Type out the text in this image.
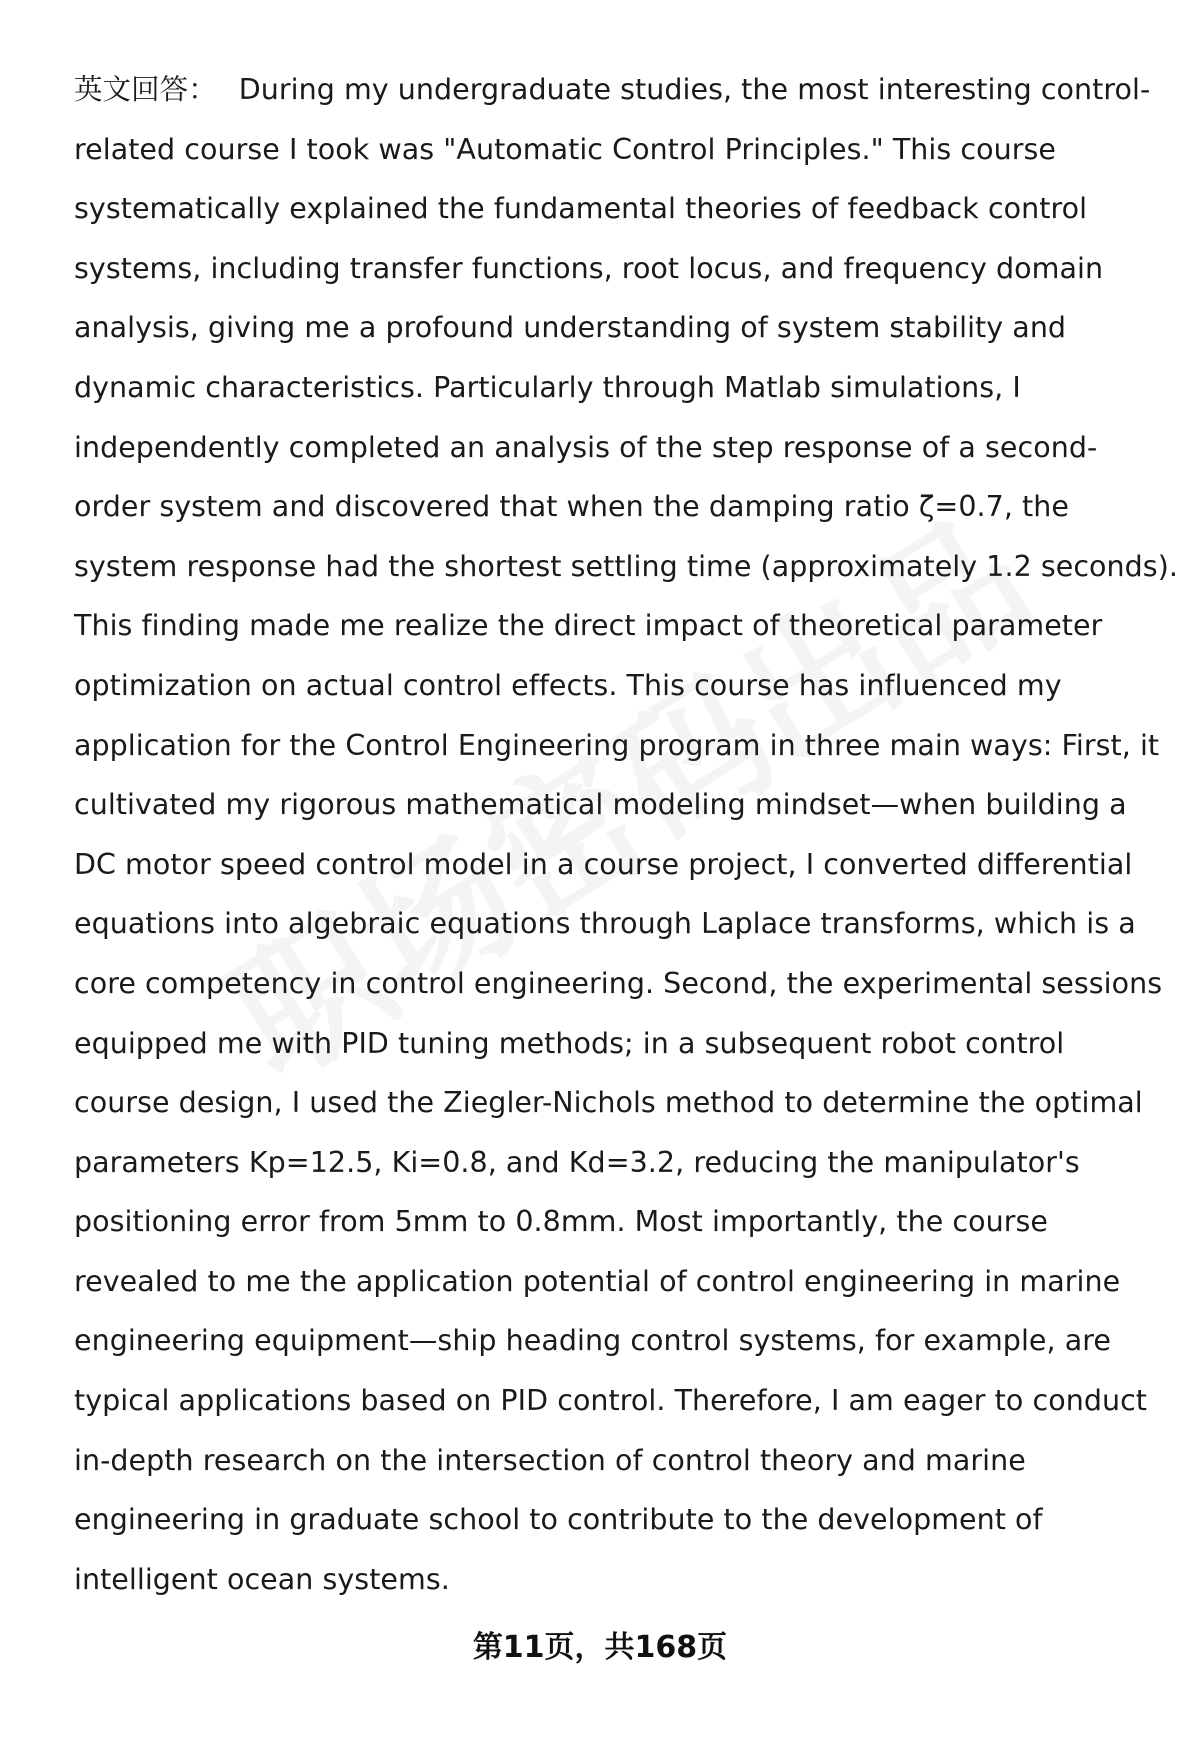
英文回答： During my undergraduate studies, the most interesting control-
related course I took was "Automatic Control Principles." This course
systematically explained the fundamental theories of feedback control
systems, including transfer functions, root locus, and frequency domain
analysis, giving me a profound understanding of system stability and
dynamic characteristics. Particularly through Matlab simulations, I
independently completed an analysis of the step response of a second-
order system and discovered that when the damping ratio ζ=0.7, the
system response had the shortest settling time (approximately 1.2 seconds).
This finding made me realize the direct impact of theoretical parameter
optimization on actual control effects. This course has influenced my
application for the Control Engineering program in three main ways: First, it
cultivated my rigorous mathematical modeling mindset—when building a
DC motor speed control model in a course project, I converted differential
equations into algebraic equations through Laplace transforms, which is a
core competency in control engineering. Second, the experimental sessions
equipped me with PID tuning methods; in a subsequent robot control
course design, I used the Ziegler-Nichols method to determine the optimal
parameters Kp=12.5, Ki=0.8, and Kd=3.2, reducing the manipulator's
positioning error from 5mm to 0.8mm. Most importantly, the course
revealed to me the application potential of control engineering in marine
engineering equipment—ship heading control systems, for example, are
typical applications based on PID control. Therefore, I am eager to conduct
in-depth research on the intersection of control theory and marine
engineering in graduate school to contribute to the development of
intelligent ocean systems.
第11页，共168页
